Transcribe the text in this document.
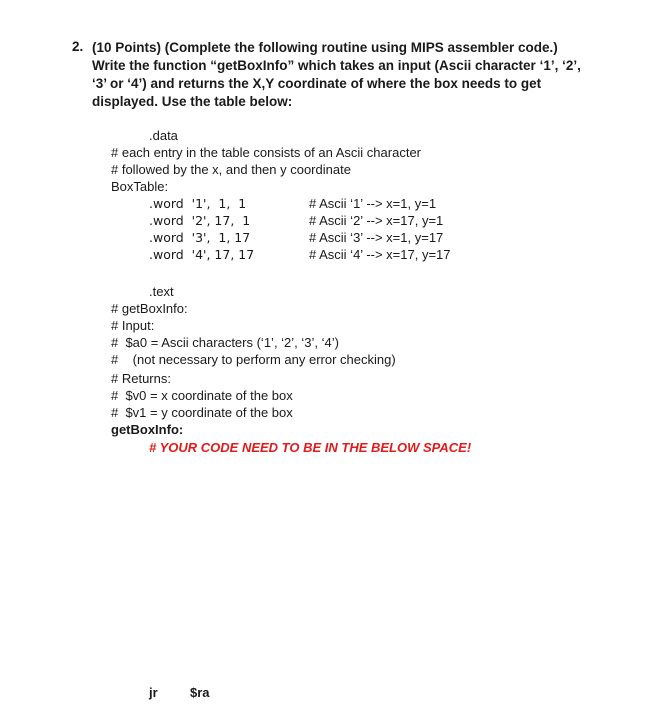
2. (10 Points) (Complete the following routine using MIPS assembler code.) Write the function “getBoxInfo” which takes an input (Ascii character ‘1’, ‘2’, ‘3’ or ‘4’) and returns the X,Y coordinate of where the box needs to get displayed. Use the table below:
.data
# each entry in the table consists of an Ascii character
# followed by the x, and then y coordinate
BoxTable:
.word  '1',  1,  1	# Ascii ‘1’ --> x=1, y=1
.word  '2', 17,  1	# Ascii ‘2’ --> x=17, y=1
.word  '3',  1, 17	# Ascii ‘3’ --> x=1, y=17
.word  '4', 17, 17	# Ascii ‘4’ --> x=17, y=17
.text
# getBoxInfo:
# Input:
#  $a0 = Ascii characters (‘1’, ‘2’, ‘3’, ‘4’)
#    (not necessary to perform any error checking)
# Returns:
#  $v0 = x coordinate of the box
#  $v1 = y coordinate of the box
getBoxInfo:
# YOUR CODE NEED TO BE IN THE BELOW SPACE!
jr $ra
